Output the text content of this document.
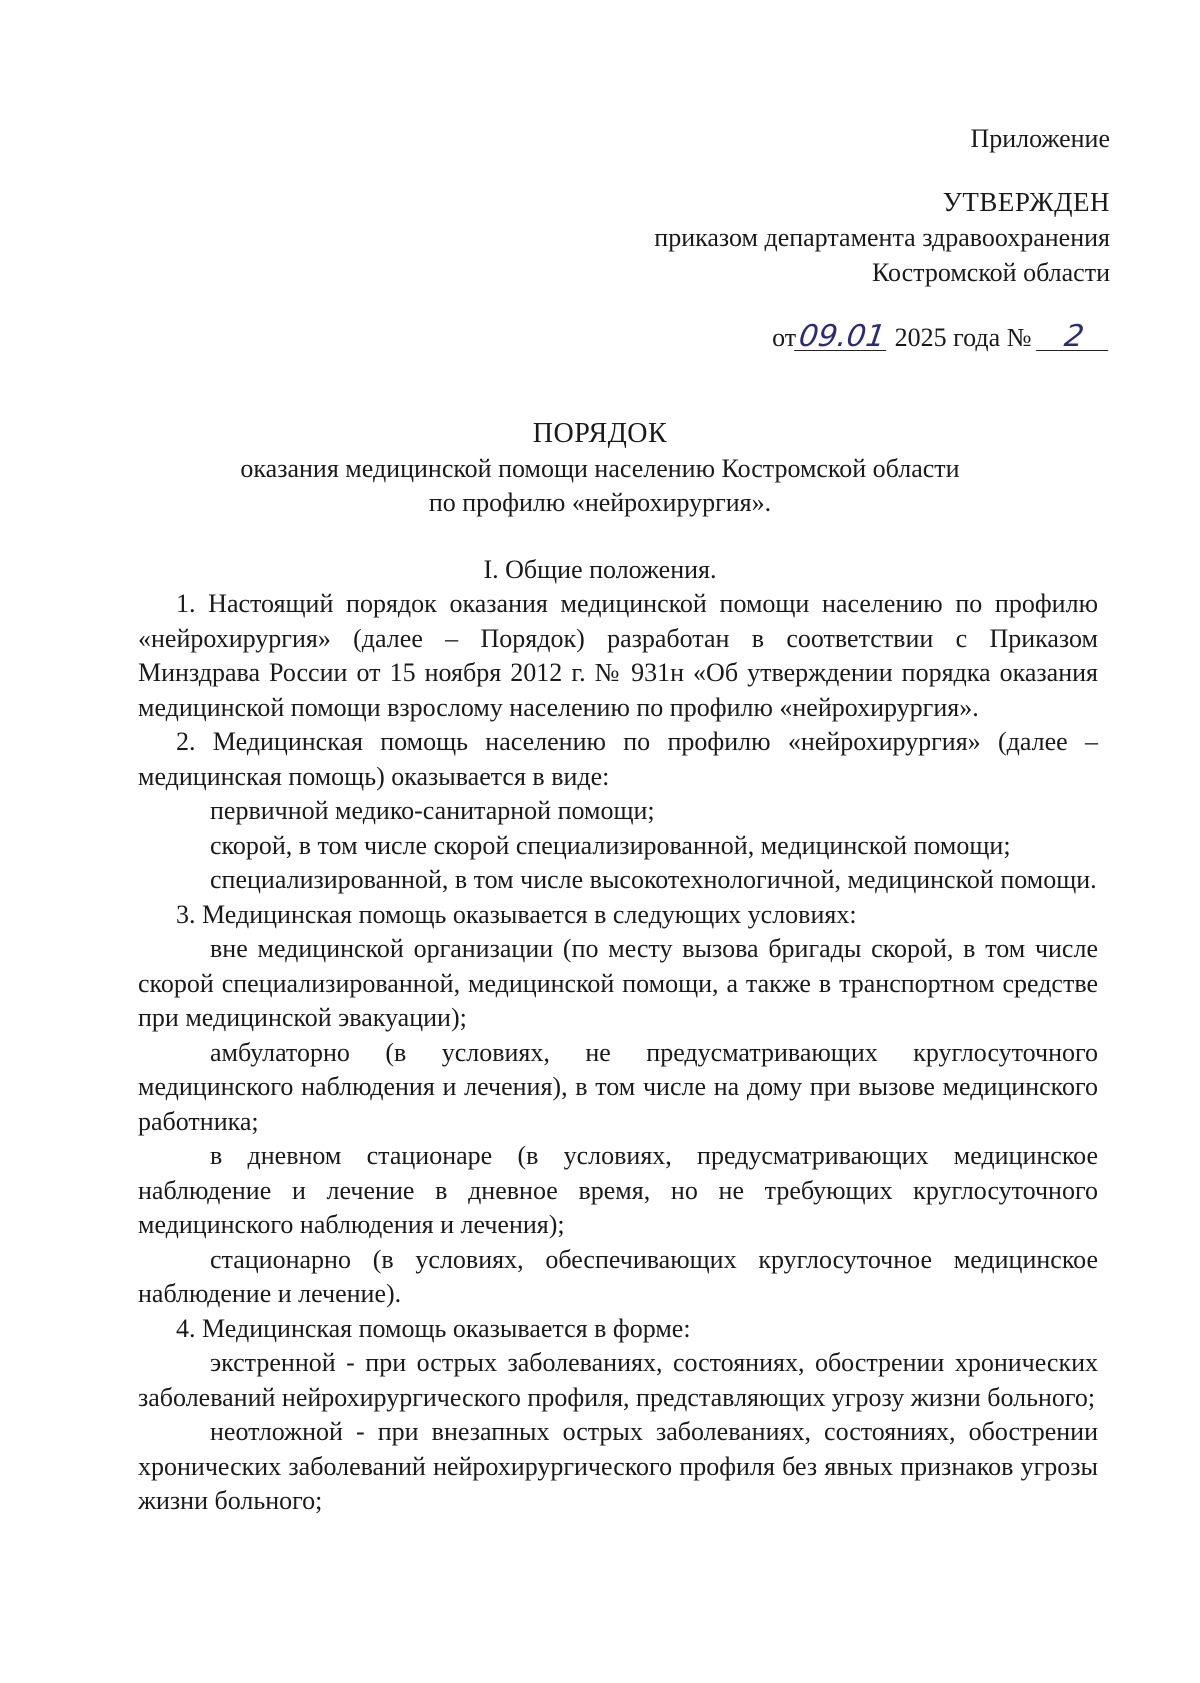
Приложение
УТВЕРЖДЕН
приказом департамента здравоохранения
Костромской области
от09.01 2025 года № 2
ПОРЯДОК
оказания медицинской помощи населению Костромской области
по профилю «нейрохирургия».
I. Общие положения.

1. Настоящий порядок оказания медицинской помощи населению по профилю «нейрохирургия» (далее – Порядок) разработан в соответствии с Приказом Минздрава России от 15 ноября 2012 г. № 931н «Об утверждении порядка оказания медицинской помощи взрослому населению по профилю «нейрохирургия».

2. Медицинская помощь населению по профилю «нейрохирургия» (далее – медицинская помощь) оказывается в виде:

первичной медико-санитарной помощи;

скорой, в том числе скорой специализированной, медицинской помощи;

специализированной, в том числе высокотехнологичной, медицинской помощи.

3. Медицинская помощь оказывается в следующих условиях:

вне медицинской организации (по месту вызова бригады скорой, в том числе скорой специализированной, медицинской помощи, а также в транспортном средстве при медицинской эвакуации);

амбулаторно (в условиях, не предусматривающих круглосуточного медицинского наблюдения и лечения), в том числе на дому при вызове медицинского работника;

в дневном стационаре (в условиях, предусматривающих медицинское наблюдение и лечение в дневное время, но не требующих круглосуточного медицинского наблюдения и лечения);

стационарно (в условиях, обеспечивающих круглосуточное медицинское наблюдение и лечение).

4. Медицинская помощь оказывается в форме:

экстренной - при острых заболеваниях, состояниях, обострении хронических заболеваний нейрохирургического профиля, представляющих угрозу жизни больного;

неотложной - при внезапных острых заболеваниях, состояниях, обострении хронических заболеваний нейрохирургического профиля без явных признаков угрозы жизни больного;
